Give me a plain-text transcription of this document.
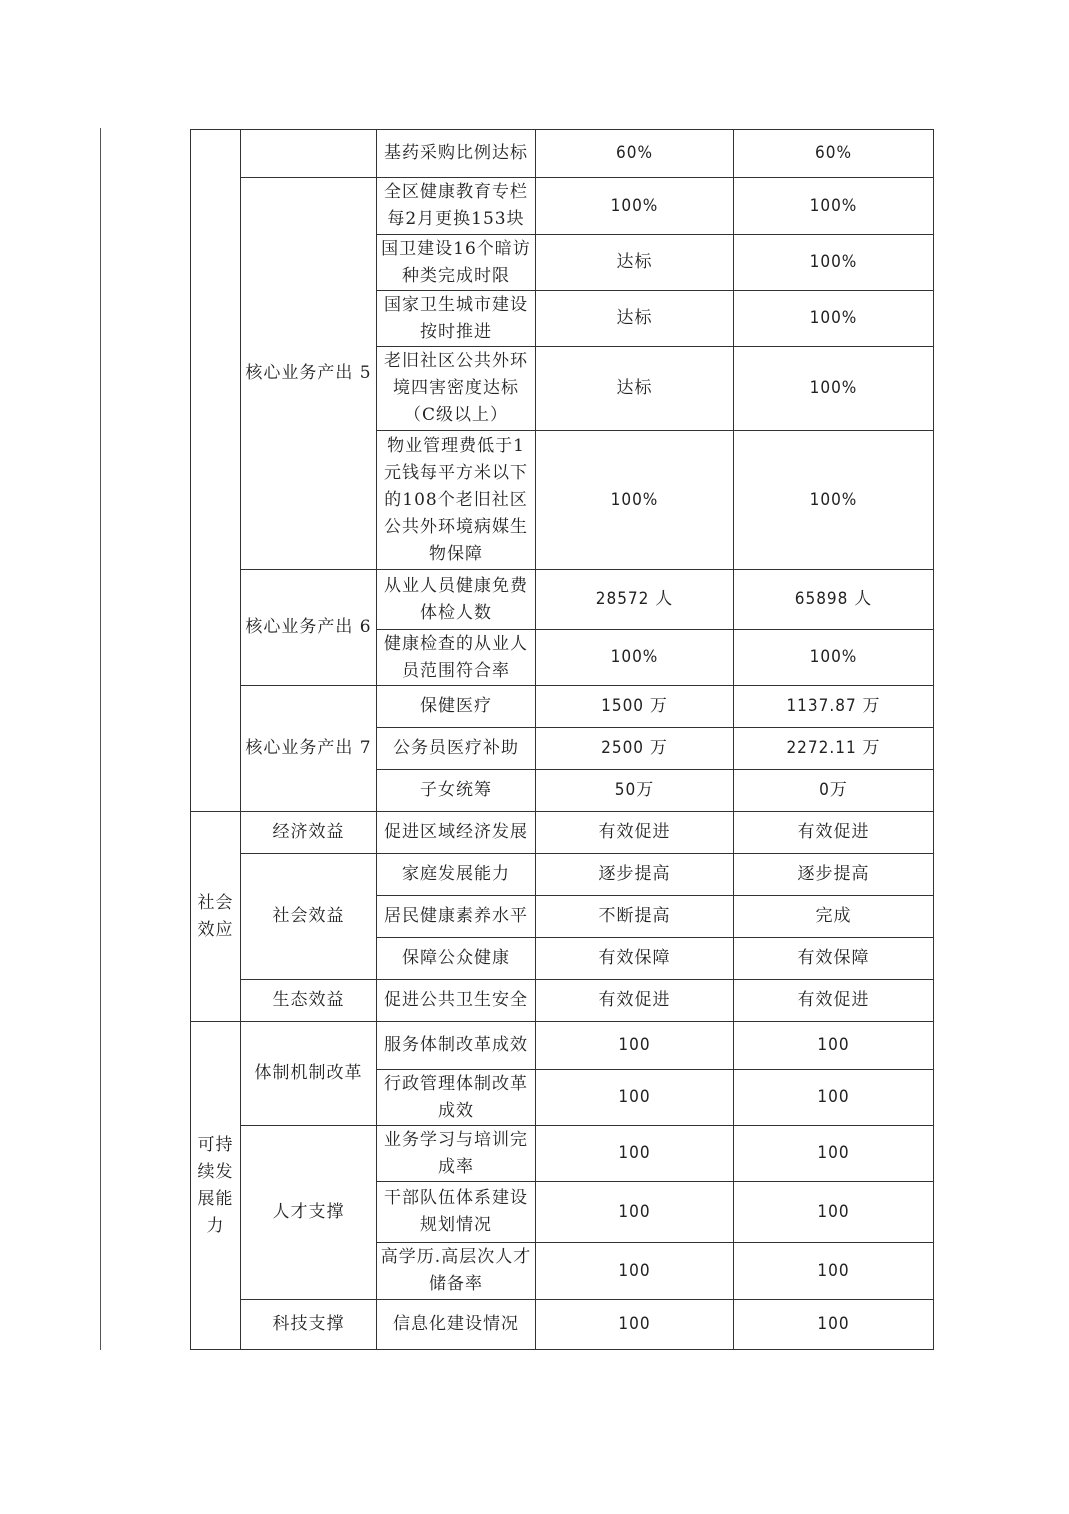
		基药采购比例达标	60%	60%
	核心业务产出 5	全区健康教育专栏每2月更换153块	100%	100%
		国卫建设16个暗访种类完成时限	达标	100%
		国家卫生城市建设按时推进	达标	100%
		老旧社区公共外环境四害密度达标（C级以上）	达标	100%
		物业管理费低于1元钱每平方米以下的108个老旧社区公共外环境病媒生物保障	100%	100%
	核心业务产出 6	从业人员健康免费体检人数	28572 人	65898 人
		健康检查的从业人员范围符合率	100%	100%
	核心业务产出 7	保健医疗	1500 万	1137.87 万
		公务员医疗补助	2500 万	2272.11 万
		子女统筹	50万	0万
社会效应	经济效益	促进区域经济发展	有效促进	有效促进
	社会效益	家庭发展能力	逐步提高	逐步提高
		居民健康素养水平	不断提高	完成
		保障公众健康	有效保障	有效保障
	生态效益	促进公共卫生安全	有效促进	有效促进
可持续发展能力	体制机制改革	服务体制改革成效	100	100
		行政管理体制改革成效	100	100
	人才支撑	业务学习与培训完成率	100	100
		干部队伍体系建设规划情况	100	100
		高学历.高层次人才储备率	100	100
	科技支撑	信息化建设情况	100	100
